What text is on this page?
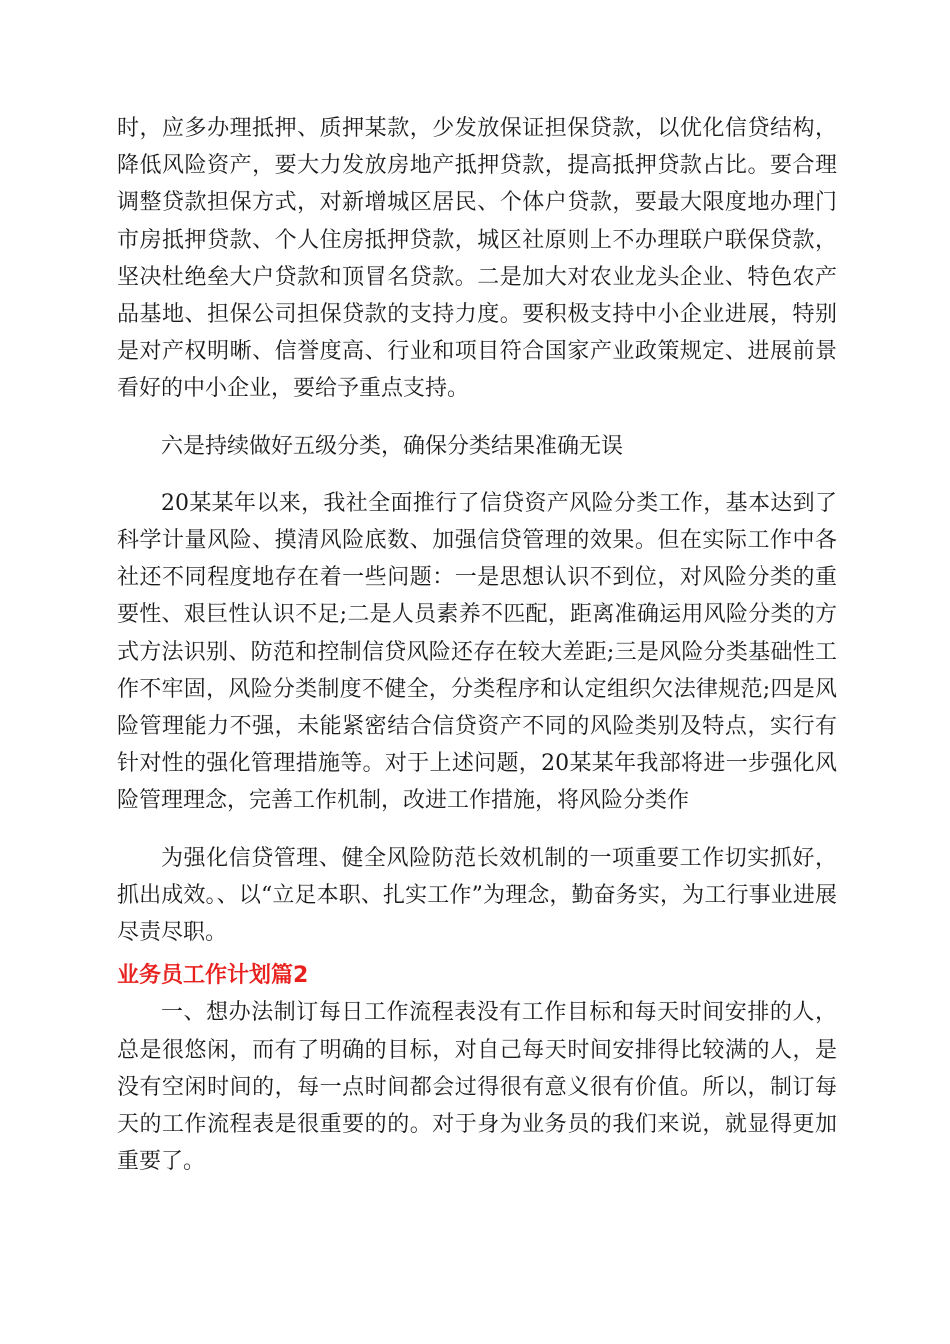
时，应多办理抵押、质押某款，少发放保证担保贷款，以优化信贷结构，降低风险资产，要大力发放房地产抵押贷款，提高抵押贷款占比。要合理调整贷款担保方式，对新增城区居民、个体户贷款，要最大限度地办理门市房抵押贷款、个人住房抵押贷款，城区社原则上不办理联户联保贷款，坚决杜绝垒大户贷款和顶冒名贷款。二是加大对农业龙头企业、特色农产品基地、担保公司担保贷款的支持力度。要积极支持中小企业进展，特别是对产权明晰、信誉度高、行业和项目符合国家产业政策规定、进展前景看好的中小企业，要给予重点支持。

六是持续做好五级分类，确保分类结果准确无误

20某某年以来，我社全面推行了信贷资产风险分类工作，基本达到了科学计量风险、摸清风险底数、加强信贷管理的效果。但在实际工作中各社还不同程度地存在着一些问题：一是思想认识不到位，对风险分类的重要性、艰巨性认识不足;二是人员素养不匹配，距离准确运用风险分类的方式方法识别、防范和控制信贷风险还存在较大差距;三是风险分类基础性工作不牢固，风险分类制度不健全，分类程序和认定组织欠法律规范;四是风险管理能力不强，未能紧密结合信贷资产不同的风险类别及特点，实行有针对性的强化管理措施等。对于上述问题，20某某年我部将进一步强化风险管理理念，完善工作机制，改进工作措施，将风险分类作

为强化信贷管理、健全风险防范长效机制的一项重要工作切实抓好，抓出成效。、以“立足本职、扎实工作”为理念，勤奋务实，为工行事业进展尽责尽职。

业务员工作计划篇2

一、想办法制订每日工作流程表没有工作目标和每天时间安排的人，总是很悠闲，而有了明确的目标，对自己每天时间安排得比较满的人，是没有空闲时间的，每一点时间都会过得很有意义很有价值。所以，制订每天的工作流程表是很重要的的。对于身为业务员的我们来说，就显得更加重要了。
